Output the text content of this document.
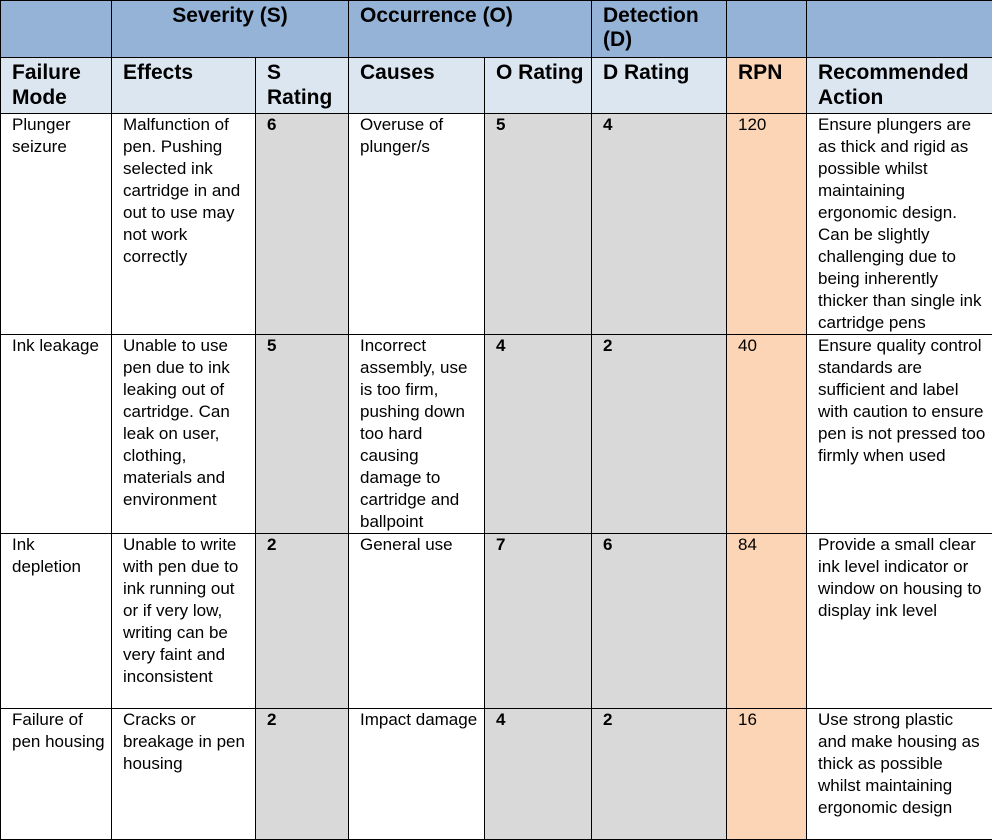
	Severity (S)		Occurrence (O)		Detection (D)		
Failure Mode	Effects	S Rating	Causes	O Rating	D Rating	RPN	Recommended Action
Plunger seizure	Malfunction of pen. Pushing selected ink cartridge in and out to use may not work correctly	6	Overuse of plunger/s	5	4	120	Ensure plungers are as thick and rigid as possible whilst maintaining ergonomic design. Can be slightly challenging due to being inherently thicker than single ink cartridge pens
Ink leakage	Unable to use pen due to ink leaking out of cartridge. Can leak on user, clothing, materials and environment	5	Incorrect assembly, use is too firm, pushing down too hard causing damage to cartridge and ballpoint	4	2	40	Ensure quality control standards are sufficient and label with caution to ensure pen is not pressed too firmly when used
Ink depletion	Unable to write with pen due to ink running out or if very low, writing can be very faint and inconsistent	2	General use	7	6	84	Provide a small clear ink level indicator or window on housing to display ink level
Failure of pen housing	Cracks or breakage in pen housing	2	Impact damage	4	2	16	Use strong plastic and make housing as thick as possible whilst maintaining ergonomic design
